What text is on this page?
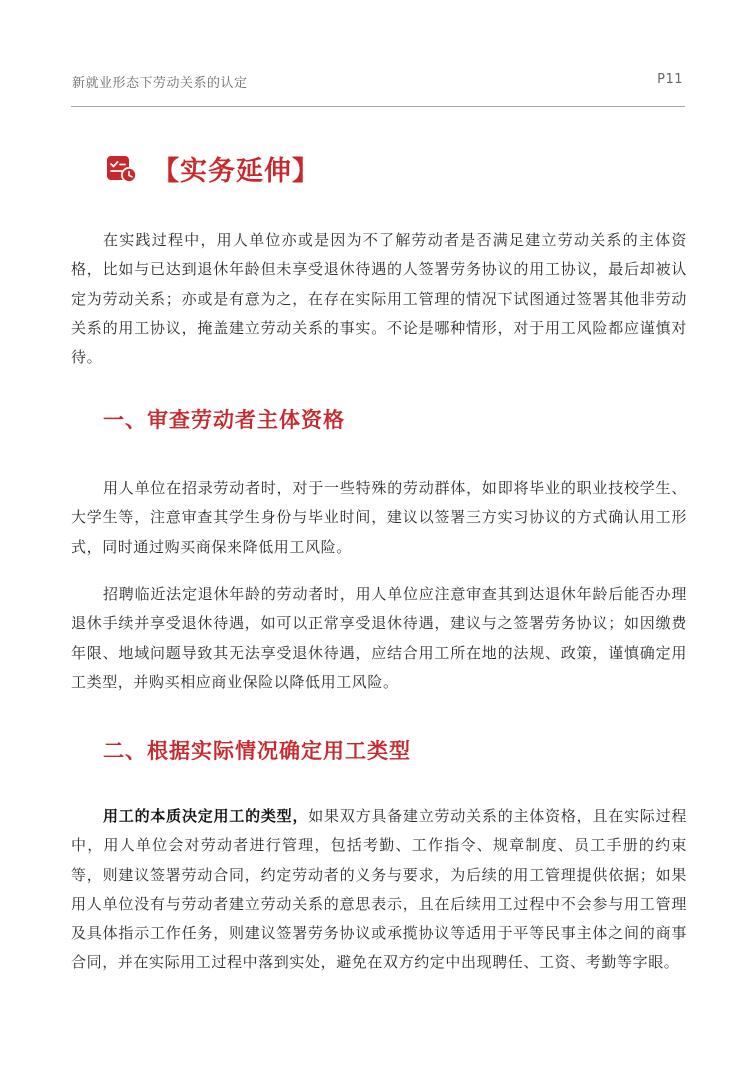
新就业形态下劳动关系的认定	P11
【实务延伸】

在实践过程中，用人单位亦或是因为不了解劳动者是否满足建立劳动关系的主体资格，比如与已达到退休年龄但未享受退休待遇的人签署劳务协议的用工协议，最后却被认定为劳动关系；亦或是有意为之，在存在实际用工管理的情况下试图通过签署其他非劳动关系的用工协议，掩盖建立劳动关系的事实。不论是哪种情形，对于用工风险都应谨慎对待。

一、审查劳动者主体资格

用人单位在招录劳动者时，对于一些特殊的劳动群体，如即将毕业的职业技校学生、大学生等，注意审查其学生身份与毕业时间，建议以签署三方实习协议的方式确认用工形式，同时通过购买商保来降低用工风险。

招聘临近法定退休年龄的劳动者时，用人单位应注意审查其到达退休年龄后能否办理退休手续并享受退休待遇，如可以正常享受退休待遇，建议与之签署劳务协议；如因缴费年限、地域问题导致其无法享受退休待遇，应结合用工所在地的法规、政策，谨慎确定用工类型，并购买相应商业保险以降低用工风险。

二、根据实际情况确定用工类型

用工的本质决定用工的类型，如果双方具备建立劳动关系的主体资格，且在实际过程中，用人单位会对劳动者进行管理，包括考勤、工作指令、规章制度、员工手册的约束等，则建议签署劳动合同，约定劳动者的义务与要求，为后续的用工管理提供依据；如果用人单位没有与劳动者建立劳动关系的意思表示，且在后续用工过程中不会参与用工管理及具体指示工作任务，则建议签署劳务协议或承揽协议等适用于平等民事主体之间的商事合同，并在实际用工过程中落到实处，避免在双方约定中出现聘任、工资、考勤等字眼。
